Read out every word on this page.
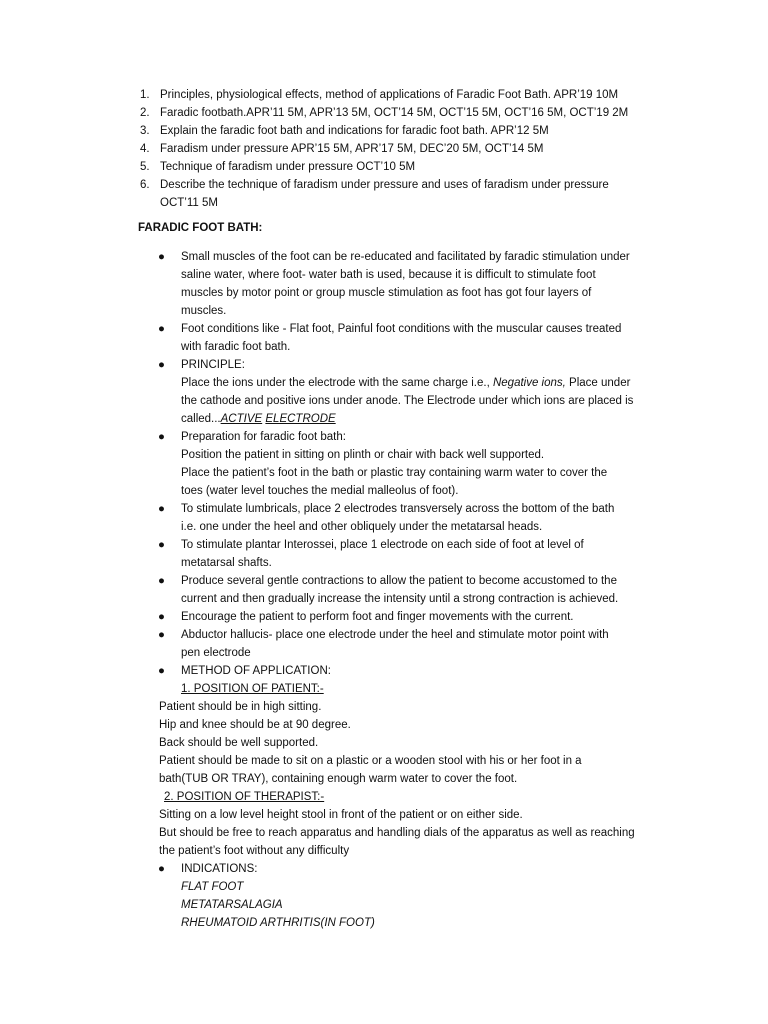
1. Principles, physiological effects, method of applications of Faradic Foot Bath. APR’19 10M
2. Faradic footbath.APR’11 5M, APR’13 5M, OCT’14 5M, OCT’15 5M, OCT’16 5M, OCT’19 2M
3. Explain the faradic foot bath and indications for faradic foot bath. APR’12 5M
4. Faradism under pressure APR’15 5M, APR’17 5M, DEC’20 5M, OCT’14 5M
5. Technique of faradism under pressure OCT’10 5M
6. Describe the technique of faradism under pressure and uses of faradism under pressure
OCT’11 5M
FARADIC FOOT BATH:
● Small muscles of the foot can be re-educated and facilitated by faradic stimulation under
saline water, where foot- water bath is used, because it is difficult to stimulate foot
muscles by motor point or group muscle stimulation as foot has got four layers of
muscles.
● Foot conditions like - Flat foot, Painful foot conditions with the muscular causes treated
with faradic foot bath.
● PRINCIPLE:
Place the ions under the electrode with the same charge i.e., Negative ions, Place under
the cathode and positive ions under anode. The Electrode under which ions are placed is
called...ACTIVE ELECTRODE
● Preparation for faradic foot bath:
Position the patient in sitting on plinth or chair with back well supported.
Place the patient’s foot in the bath or plastic tray containing warm water to cover the
toes (water level touches the medial malleolus of foot).
● To stimulate lumbricals, place 2 electrodes transversely across the bottom of the bath
i.e. one under the heel and other obliquely under the metatarsal heads.
● To stimulate plantar Interossei, place 1 electrode on each side of foot at level of
metatarsal shafts.
● Produce several gentle contractions to allow the patient to become accustomed to the
current and then gradually increase the intensity until a strong contraction is achieved.
● Encourage the patient to perform foot and finger movements with the current.
● Abductor hallucis- place one electrode under the heel and stimulate motor point with
pen electrode
● METHOD OF APPLICATION:
1. POSITION OF PATIENT:-
Patient should be in high sitting.
Hip and knee should be at 90 degree.
Back should be well supported.
Patient should be made to sit on a plastic or a wooden stool with his or her foot in a
bath(TUB OR TRAY), containing enough warm water to cover the foot.
2. POSITION OF THERAPIST:-
Sitting on a low level height stool in front of the patient or on either side.
But should be free to reach apparatus and handling dials of the apparatus as well as reaching
the patient’s foot without any difficulty
● INDICATIONS:
FLAT FOOT
METATARSALAGIA
RHEUMATOID ARTHRITIS(IN FOOT)
